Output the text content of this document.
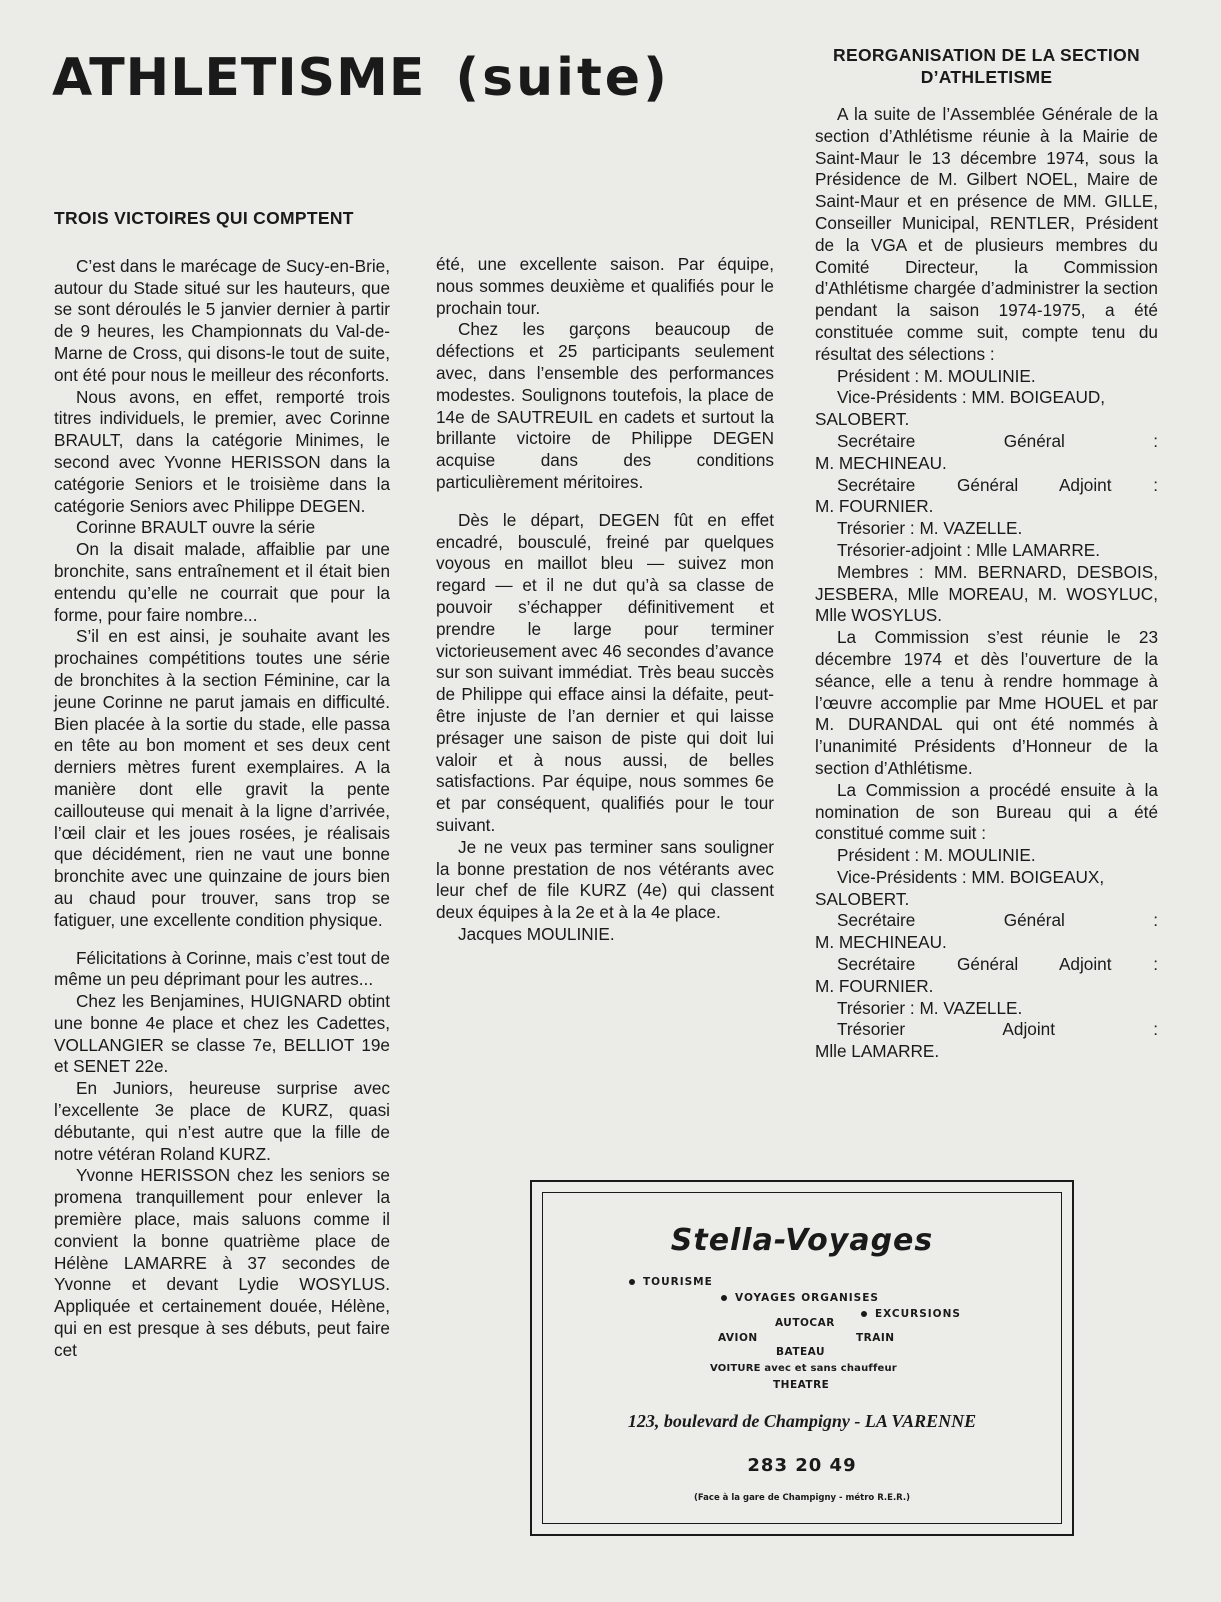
ATHLETISME (suite)
TROIS VICTOIRES QUI COMPTENT

C’est dans le marécage de Sucy-en-Brie, autour du Stade situé sur les hauteurs, que se sont déroulés le 5 janvier dernier à partir de 9 heures, les Championnats du Val-de-Marne de Cross, qui disons-le tout de suite, ont été pour nous le meilleur des réconforts.

Nous avons, en effet, remporté trois titres individuels, le premier, avec Corinne BRAULT, dans la catégorie Minimes, le second avec Yvonne HERISSON dans la catégorie Seniors et le troisième dans la catégorie Seniors avec Philippe DEGEN.

Corinne BRAULT ouvre la série

On la disait malade, affaiblie par une bronchite, sans entraînement et il était bien entendu qu’elle ne courrait que pour la forme, pour faire nombre...

S’il en est ainsi, je souhaite avant les prochaines compétitions toutes une série de bronchites à la section Féminine, car la jeune Corinne ne parut jamais en difficulté. Bien placée à la sortie du stade, elle passa en tête au bon moment et ses deux cent derniers mètres furent exemplaires. A la manière dont elle gravit la pente caillouteuse qui menait à la ligne d’arrivée, l’œil clair et les joues rosées, je réalisais que décidément, rien ne vaut une bonne bronchite avec une quinzaine de jours bien au chaud pour trouver, sans trop se fatiguer, une excellente condition physique.

Félicitations à Corinne, mais c’est tout de même un peu déprimant pour les autres...

Chez les Benjamines, HUIGNARD obtint une bonne 4e place et chez les Cadettes, VOLLANGIER se classe 7e, BELLIOT 19e et SENET 22e.

En Juniors, heureuse surprise avec l’excellente 3e place de KURZ, quasi débutante, qui n’est autre que la fille de notre vétéran Roland KURZ.

Yvonne HERISSON chez les seniors se promena tranquillement pour enlever la première place, mais saluons comme il convient la bonne quatrième place de Hélène LAMARRE à 37 secondes de Yvonne et devant Lydie WOSYLUS. Appliquée et certainement douée, Hélène, qui en est presque à ses débuts, peut faire cet

été, une excellente saison. Par équipe, nous sommes deuxième et qualifiés pour le prochain tour.

Chez les garçons beaucoup de défections et 25 participants seulement avec, dans l’ensemble des performances modestes. Soulignons toutefois, la place de 14e de SAUTREUIL en cadets et surtout la brillante victoire de Philippe DEGEN acquise dans des conditions particulièrement méritoires.

Dès le départ, DEGEN fût en effet encadré, bousculé, freiné par quelques voyous en maillot bleu — suivez mon regard — et il ne dut qu’à sa classe de pouvoir s’échapper définitivement et prendre le large pour terminer victorieusement avec 46 secondes d’avance sur son suivant immédiat. Très beau succès de Philippe qui efface ainsi la défaite, peut-être injuste de l’an dernier et qui laisse présager une saison de piste qui doit lui valoir et à nous aussi, de belles satisfactions. Par équipe, nous sommes 6e et par conséquent, qualifiés pour le tour suivant.

Je ne veux pas terminer sans souligner la bonne prestation de nos vétérants avec leur chef de file KURZ (4e) qui classent deux équipes à la 2e et à la 4e place.

Jacques MOULINIE.

REORGANISATION DE LA SECTION
D’ATHLETISME

A la suite de l’Assemblée Générale de la section d’Athlétisme réunie à la Mairie de Saint-Maur le 13 décembre 1974, sous la Présidence de M. Gilbert NOEL, Maire de Saint-Maur et en présence de MM. GILLE, Conseiller Municipal, RENTLER, Président de la VGA et de plusieurs membres du Comité Directeur, la Commission d’Athlétisme chargée d’administrer la section pendant la saison 1974-1975, a été constituée comme suit, compte tenu du résultat des sélections :

Président : M. MOULINIE.

Vice-Présidents : MM. BOIGEAUD,

SALOBERT.

Secrétaire Général :

M. MECHINEAU.

Secrétaire Général Adjoint :

M. FOURNIER.

Trésorier : M. VAZELLE.

Trésorier-adjoint : Mlle LAMARRE.

Membres : MM. BERNARD, DESBOIS, JESBERA, Mlle MOREAU, M. WOSYLUC, Mlle WOSYLUS.

La Commission s’est réunie le 23 décembre 1974 et dès l’ouverture de la séance, elle a tenu à rendre hommage à l’œuvre accomplie par Mme HOUEL et par M. DURANDAL qui ont été nommés à l’unanimité Présidents d’Honneur de la section d’Athlétisme.

La Commission a procédé ensuite à la nomination de son Bureau qui a été constitué comme suit :

Président : M. MOULINIE.

Vice-Présidents : MM. BOIGEAUX,

SALOBERT.

Secrétaire Général :

M. MECHINEAU.

Secrétaire Général Adjoint :

M. FOURNIER.

Trésorier : M. VAZELLE.

Trésorier Adjoint :

Mlle LAMARRE.

Stella-Voyages
TOURISME
VOYAGES ORGANISES
EXCURSIONS
AUTOCAR
AVION	TRAIN
BATEAU
VOITURE avec et sans chauffeur
THEATRE
123, boulevard de Champigny - LA VARENNE
283 20 49
(Face à la gare de Champigny - métro R.E.R.)
